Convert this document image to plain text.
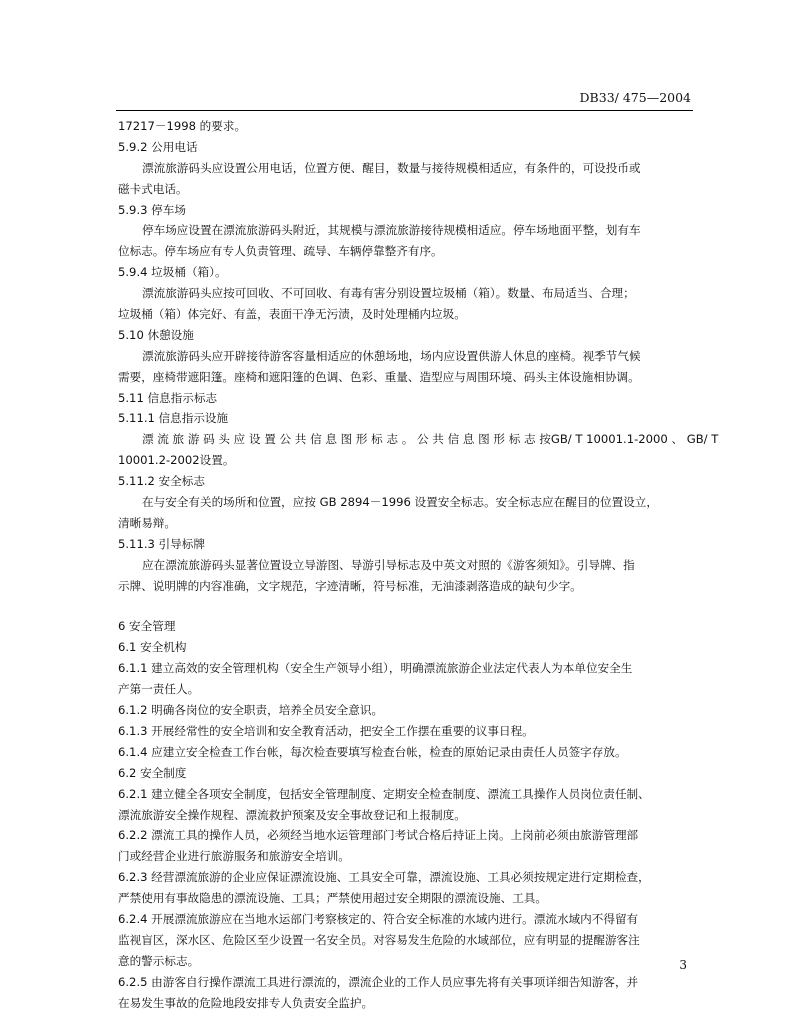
DB33/ 475—2004
17217－1998 的要求。
5.9.2 公用电话
漂流旅游码头应设置公用电话，位置方便、醒目，数量与接待规模相适应，有条件的，可设投币或
磁卡式电话。
5.9.3 停车场
停车场应设置在漂流旅游码头附近，其规模与漂流旅游接待规模相适应。停车场地面平整，划有车
位标志。停车场应有专人负责管理、疏导、车辆停靠整齐有序。
5.9.4 垃圾桶（箱）。
漂流旅游码头应按可回收、不可回收、有毒有害分别设置垃圾桶（箱）。数量、布局适当、合理；
垃圾桶（箱）体完好、有盖，表面干净无污渍，及时处理桶内垃圾。
5.10 休憩设施
漂流旅游码头应开辟接待游客容量相适应的休憩场地，场内应设置供游人休息的座椅。视季节气候
需要，座椅带遮阳篷。座椅和遮阳篷的色调、色彩、重量、造型应与周围环境、码头主体设施相协调。
5.11 信息指示标志
5.11.1 信息指示设施
漂 流 旅 游 码 头 应 设 置 公 共 信 息 图 形 标 志 。 公 共 信 息 图 形 标 志 按GB/ T 10001.1-2000 、 GB/ T
10001.2-2002设置。
5.11.2 安全标志
在与安全有关的场所和位置，应按 GB 2894－1996 设置安全标志。安全标志应在醒目的位置设立，
清晰易辩。
5.11.3 引导标牌
应在漂流旅游码头显著位置设立导游图、导游引导标志及中英文对照的《游客须知》。引导牌、指
示牌、说明牌的内容准确，文字规范，字迹清晰，符号标准，无油漆剥落造成的缺句少字。
6 安全管理
6.1 安全机构
6.1.1 建立高效的安全管理机构（安全生产领导小组），明确漂流旅游企业法定代表人为本单位安全生
产第一责任人。
6.1.2 明确各岗位的安全职责，培养全员安全意识。
6.1.3 开展经常性的安全培训和安全教育活动，把安全工作摆在重要的议事日程。
6.1.4 应建立安全检查工作台帐，每次检查要填写检查台帐，检查的原始记录由责任人员签字存放。
6.2 安全制度
6.2.1 建立健全各项安全制度，包括安全管理制度、定期安全检查制度、漂流工具操作人员岗位责任制、
漂流旅游安全操作规程、漂流救护预案及安全事故登记和上报制度。
6.2.2 漂流工具的操作人员，必须经当地水运管理部门考试合格后持证上岗。上岗前必须由旅游管理部
门或经营企业进行旅游服务和旅游安全培训。
6.2.3 经营漂流旅游的企业应保证漂流设施、工具安全可靠，漂流设施、工具必须按规定进行定期检查，
严禁使用有事故隐患的漂流设施、工具；严禁使用超过安全期限的漂流设施、工具。
6.2.4 开展漂流旅游应在当地水运部门考察核定的、符合安全标准的水域内进行。漂流水域内不得留有
监视盲区，深水区、危险区至少设置一名安全员。对容易发生危险的水域部位，应有明显的提醒游客注
意的警示标志。
6.2.5 由游客自行操作漂流工具进行漂流的，漂流企业的工作人员应事先将有关事项详细告知游客，并
在易发生事故的危险地段安排专人负责安全监护。
3
